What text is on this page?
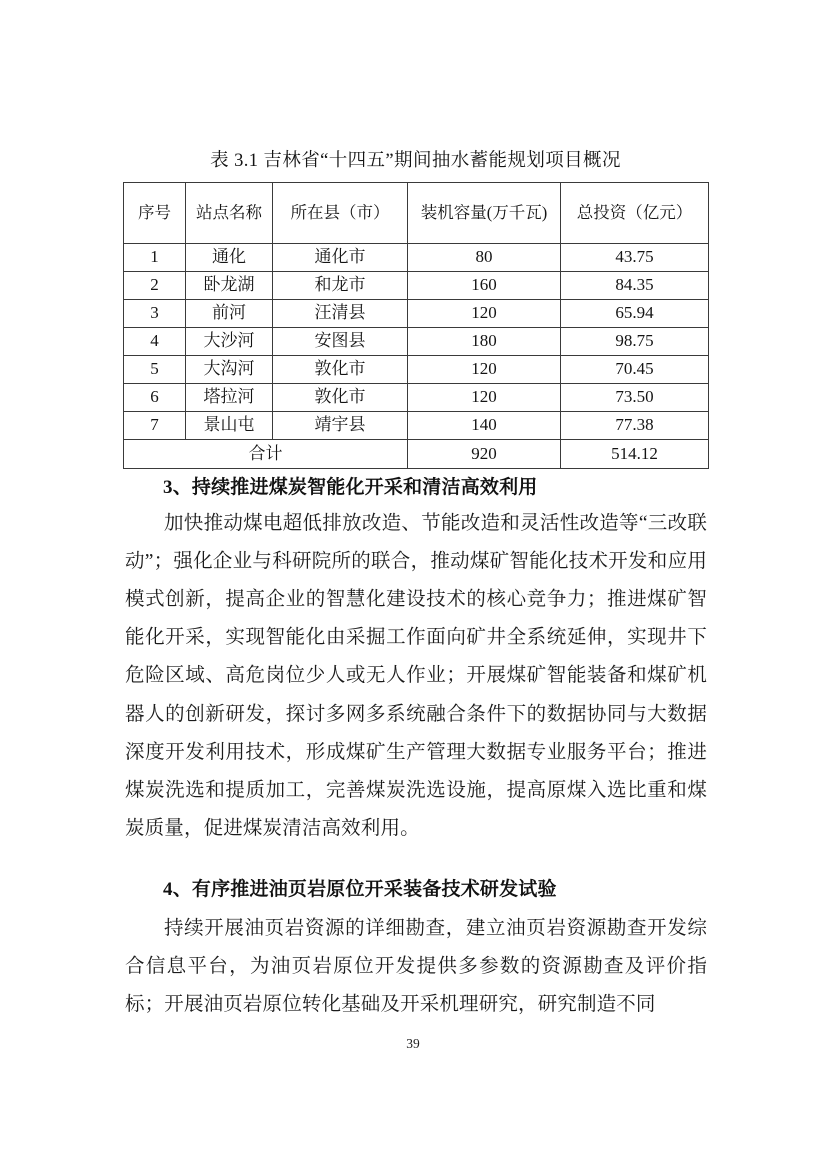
表 3.1 吉林省“十四五”期间抽水蓄能规划项目概况
序号	站点名称	所在县（市）	装机容量(万千瓦)	总投资（亿元）
1	通化	通化市	80	43.75
2	卧龙湖	和龙市	160	84.35
3	前河	汪清县	120	65.94
4	大沙河	安图县	180	98.75
5	大沟河	敦化市	120	70.45
6	塔拉河	敦化市	120	73.50
7	景山屯	靖宇县	140	77.38
合计			920	514.12
3、持续推进煤炭智能化开采和清洁高效利用

加快推动煤电超低排放改造、节能改造和灵活性改造等“三改联动”；强化企业与科研院所的联合，推动煤矿智能化技术开发和应用模式创新，提高企业的智慧化建设技术的核心竞争力；推进煤矿智能化开采，实现智能化由采掘工作面向矿井全系统延伸，实现井下危险区域、高危岗位少人或无人作业；开展煤矿智能装备和煤矿机器人的创新研发，探讨多网多系统融合条件下的数据协同与大数据深度开发利用技术，形成煤矿生产管理大数据专业服务平台；推进煤炭洗选和提质加工，完善煤炭洗选设施，提高原煤入选比重和煤炭质量，促进煤炭清洁高效利用。

4、有序推进油页岩原位开采装备技术研发试验

持续开展油页岩资源的详细勘查，建立油页岩资源勘查开发综合信息平台，为油页岩原位开发提供多参数的资源勘查及评价指标；开展油页岩原位转化基础及开采机理研究，研究制造不同

39
